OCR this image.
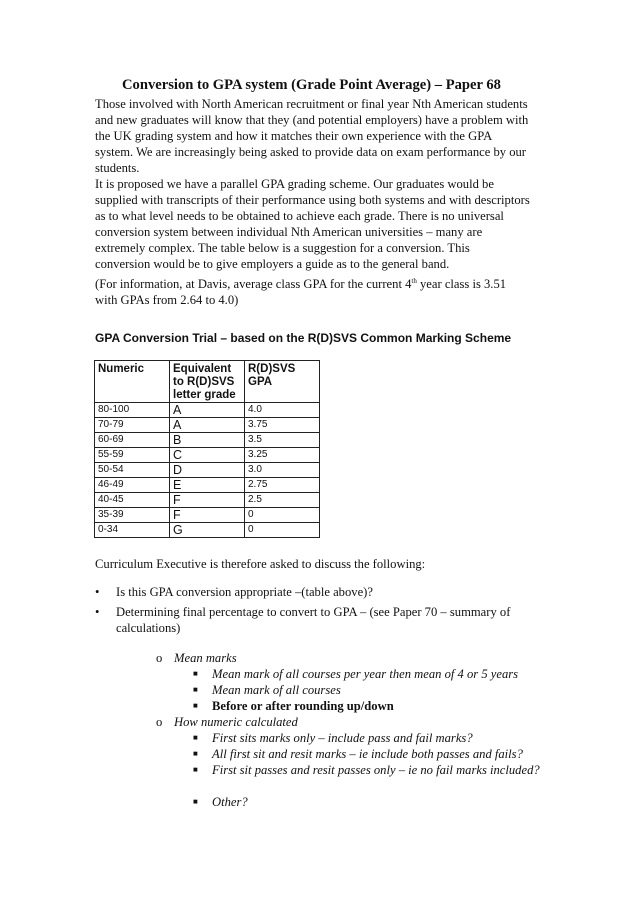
Conversion to GPA system (Grade Point Average) – Paper 68

Those involved with North American recruitment or final year Nth American students
and new graduates will know that they (and potential employers) have a problem with
the UK grading system and how it matches their own experience with the GPA
system. We are increasingly being asked to provide data on exam performance by our
students.
It is proposed we have a parallel GPA grading scheme. Our graduates would be
supplied with transcripts of their performance using both systems and with descriptors
as to what level needs to be obtained to achieve each grade. There is no universal
conversion system between individual Nth American universities – many are
extremely complex. The table below is a suggestion for a conversion. This
conversion would be to give employers a guide as to the general band.

(For information, at Davis, average class GPA for the current 4th year class is 3.51
with GPAs from 2.64 to 4.0)

GPA Conversion Trial – based on the R(D)SVS Common Marking Scheme

Numeric	Equivalent to R(D)SVS letter grade	R(D)SVS GPA
80-100	A	4.0
70-79	A	3.75
60-69	B	3.5
55-59	C	3.25
50-54	D	3.0
46-49	E	2.75
40-45	F	2.5
35-39	F	0
0-34	G	0

Curriculum Executive is therefore asked to discuss the following:

• Is this GPA conversion appropriate –(table above)?
• Determining final percentage to convert to GPA – (see Paper 70 – summary of calculations)
o Mean marks
■	Mean mark of all courses per year then mean of 4 or 5 years
■	Mean mark of all courses
■	Before or after rounding up/down
o How numeric calculated
■	First sits marks only – include pass and fail marks?
■	All first sit and resit marks – ie include both passes and fails?
■	First sit passes and resit passes only – ie no fail marks included?
■	Other?
